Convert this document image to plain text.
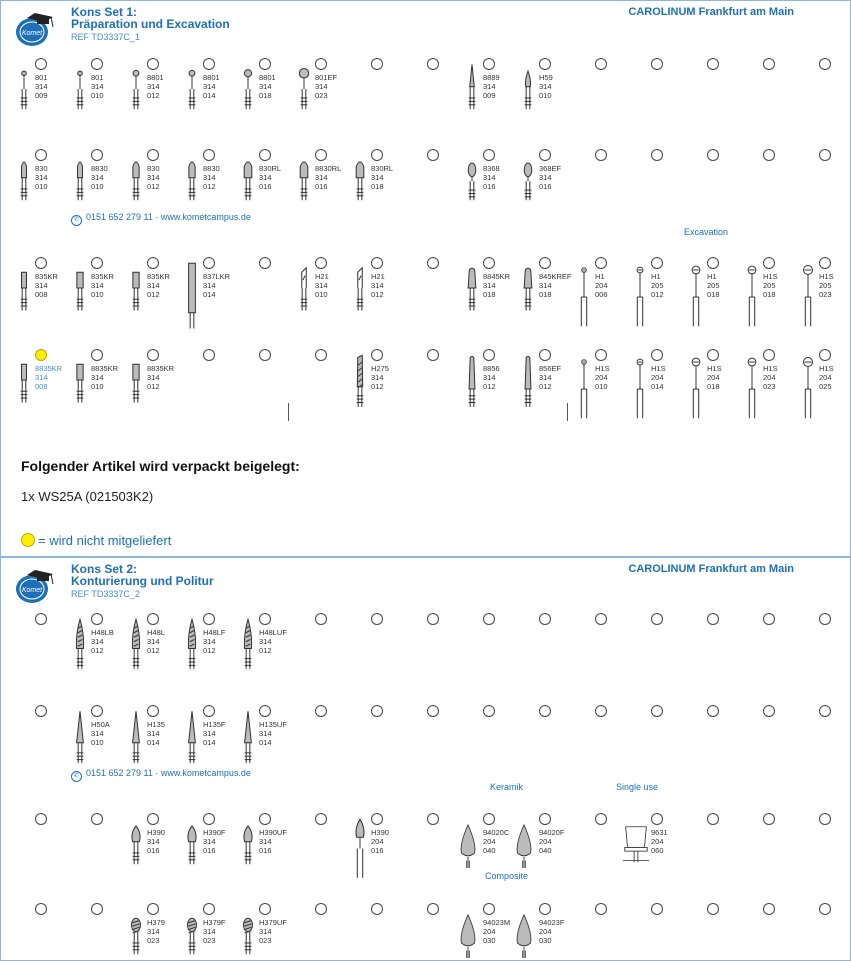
Komet
Kons Set 1:
Präparation und Excavation
REF TD3337C_1
CAROLINUM Frankfurt am Main
801
314
009
801
314
010
8801
314
012
8801
314
014
8801
314
018
801EF
314
023
8889
314
009
H59
314
010
830
314
010
8830
314
010
830
314
012
8830
314
012
830RL
314
016
8830RL
314
016
830RL
314
018
8368
314
016
368EF
314
016
835KR
314
008
835KR
314
010
835KR
314
012
837LKR
314
014
H21
314
010
H21
314
012
8845KR
314
018
845KREF
314
018
H1
204
006
H1
205
012
H1
205
018
H1S
205
018
H1S
205
023
8835KR
314
008
8835KR
314
010
8835KR
314
012
H275
314
012
8856
314
012
856EF
314
012
H1S
204
010
H1S
204
014
H1S
204
018
H1S
204
023
H1S
204
025
✆ 0151 652 279 11 · www.kometcampus.de
Excavation
Folgender Artikel wird verpackt beigelegt:
1x WS25A (021503K2)
= wird nicht mitgeliefert
Komet
Kons Set 2:
Konturierung und Politur
REF TD3337C_2
CAROLINUM Frankfurt am Main
H48LB
314
012
H48L
314
012
H48LF
314
012
H48LUF
314
012
H50A
314
010
H135
314
014
H135F
314
014
H135UF
314
014
H390
314
016
H390F
314
016
H390UF
314
016
H390
204
016
94020C
204
040
94020F
204
040
9631
204
060
H379
314
023
H379F
314
023
H379UF
314
023
94023M
204
030
94023F
204
030
✆ 0151 652 279 11 · www.kometcampus.de
Keramik	Single use
Composite
